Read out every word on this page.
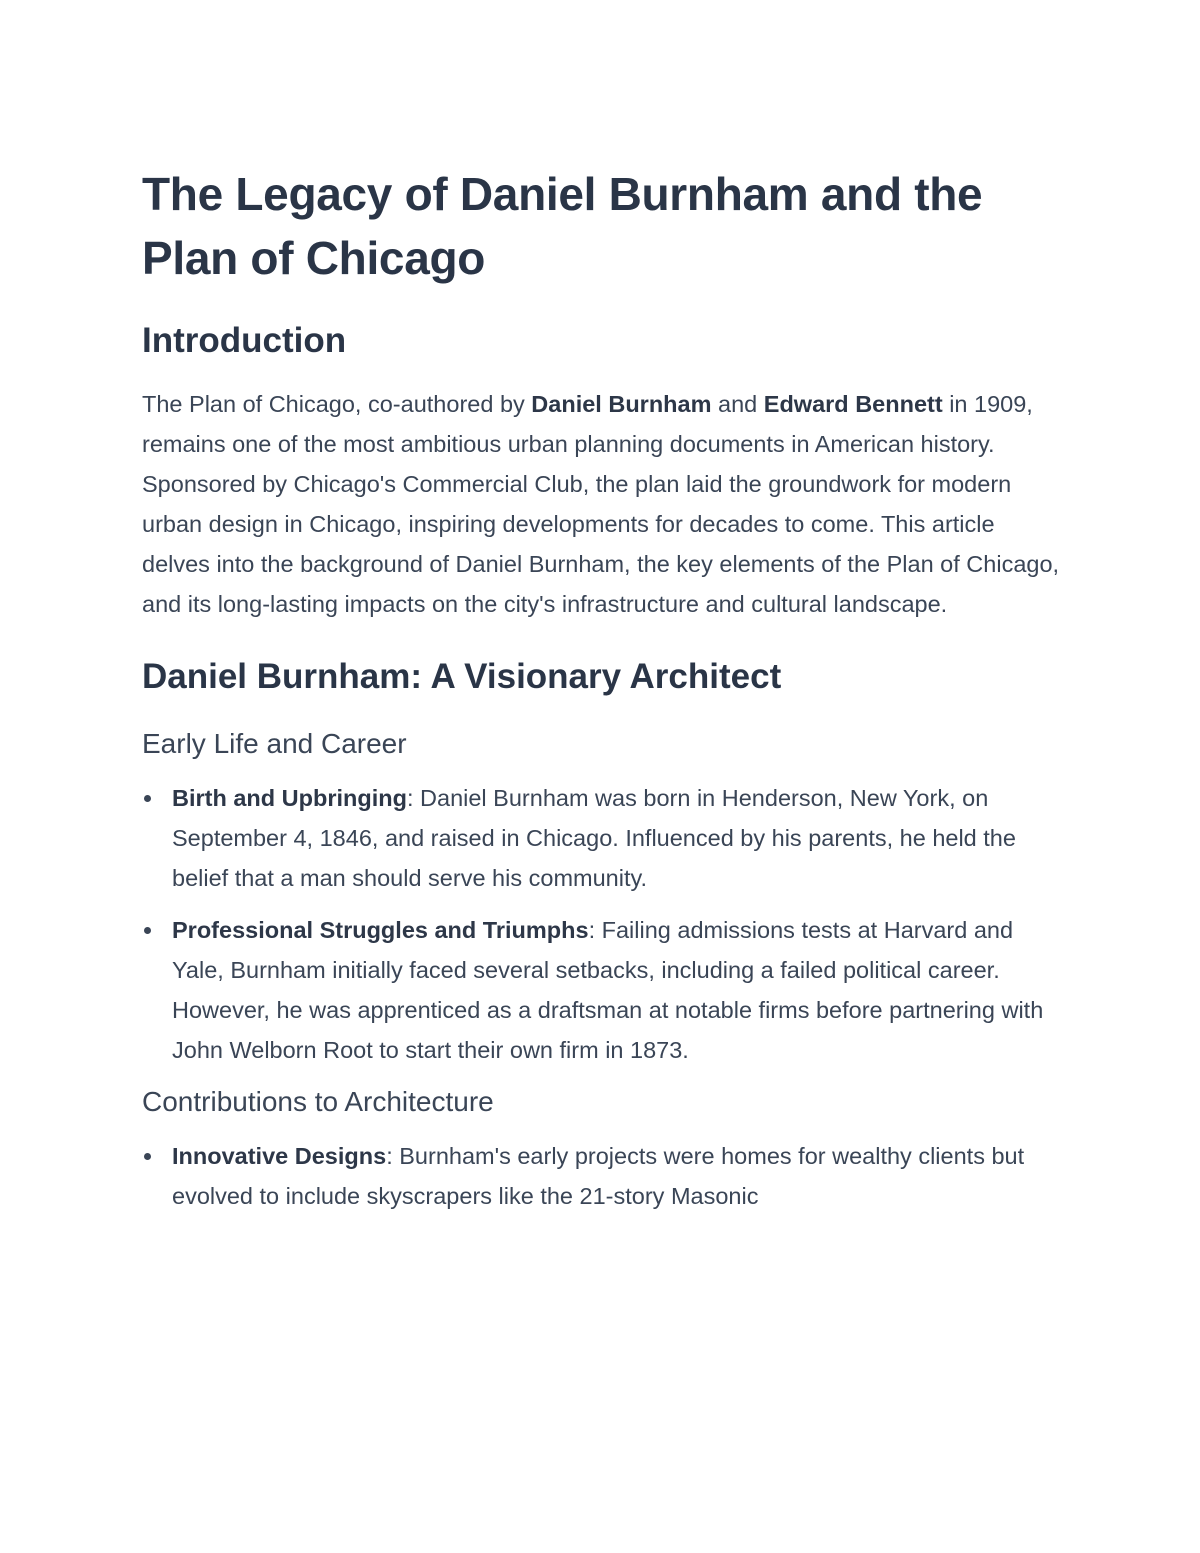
The Legacy of Daniel Burnham and the Plan of Chicago
Introduction

The Plan of Chicago, co-authored by Daniel Burnham and Edward Bennett in 1909, remains one of the most ambitious urban planning documents in American history. Sponsored by Chicago's Commercial Club, the plan laid the groundwork for modern urban design in Chicago, inspiring developments for decades to come. This article delves into the background of Daniel Burnham, the key elements of the Plan of Chicago, and its long-lasting impacts on the city's infrastructure and cultural landscape.

Daniel Burnham: A Visionary Architect
Early Life and Career
Birth and Upbringing: Daniel Burnham was born in Henderson, New York, on September 4, 1846, and raised in Chicago. Influenced by his parents, he held the belief that a man should serve his community.
Professional Struggles and Triumphs: Failing admissions tests at Harvard and Yale, Burnham initially faced several setbacks, including a failed political career. However, he was apprenticed as a draftsman at notable firms before partnering with John Welborn Root to start their own firm in 1873.
Contributions to Architecture
Innovative Designs: Burnham's early projects were homes for wealthy clients but evolved to include skyscrapers like the 21-story Masonic
